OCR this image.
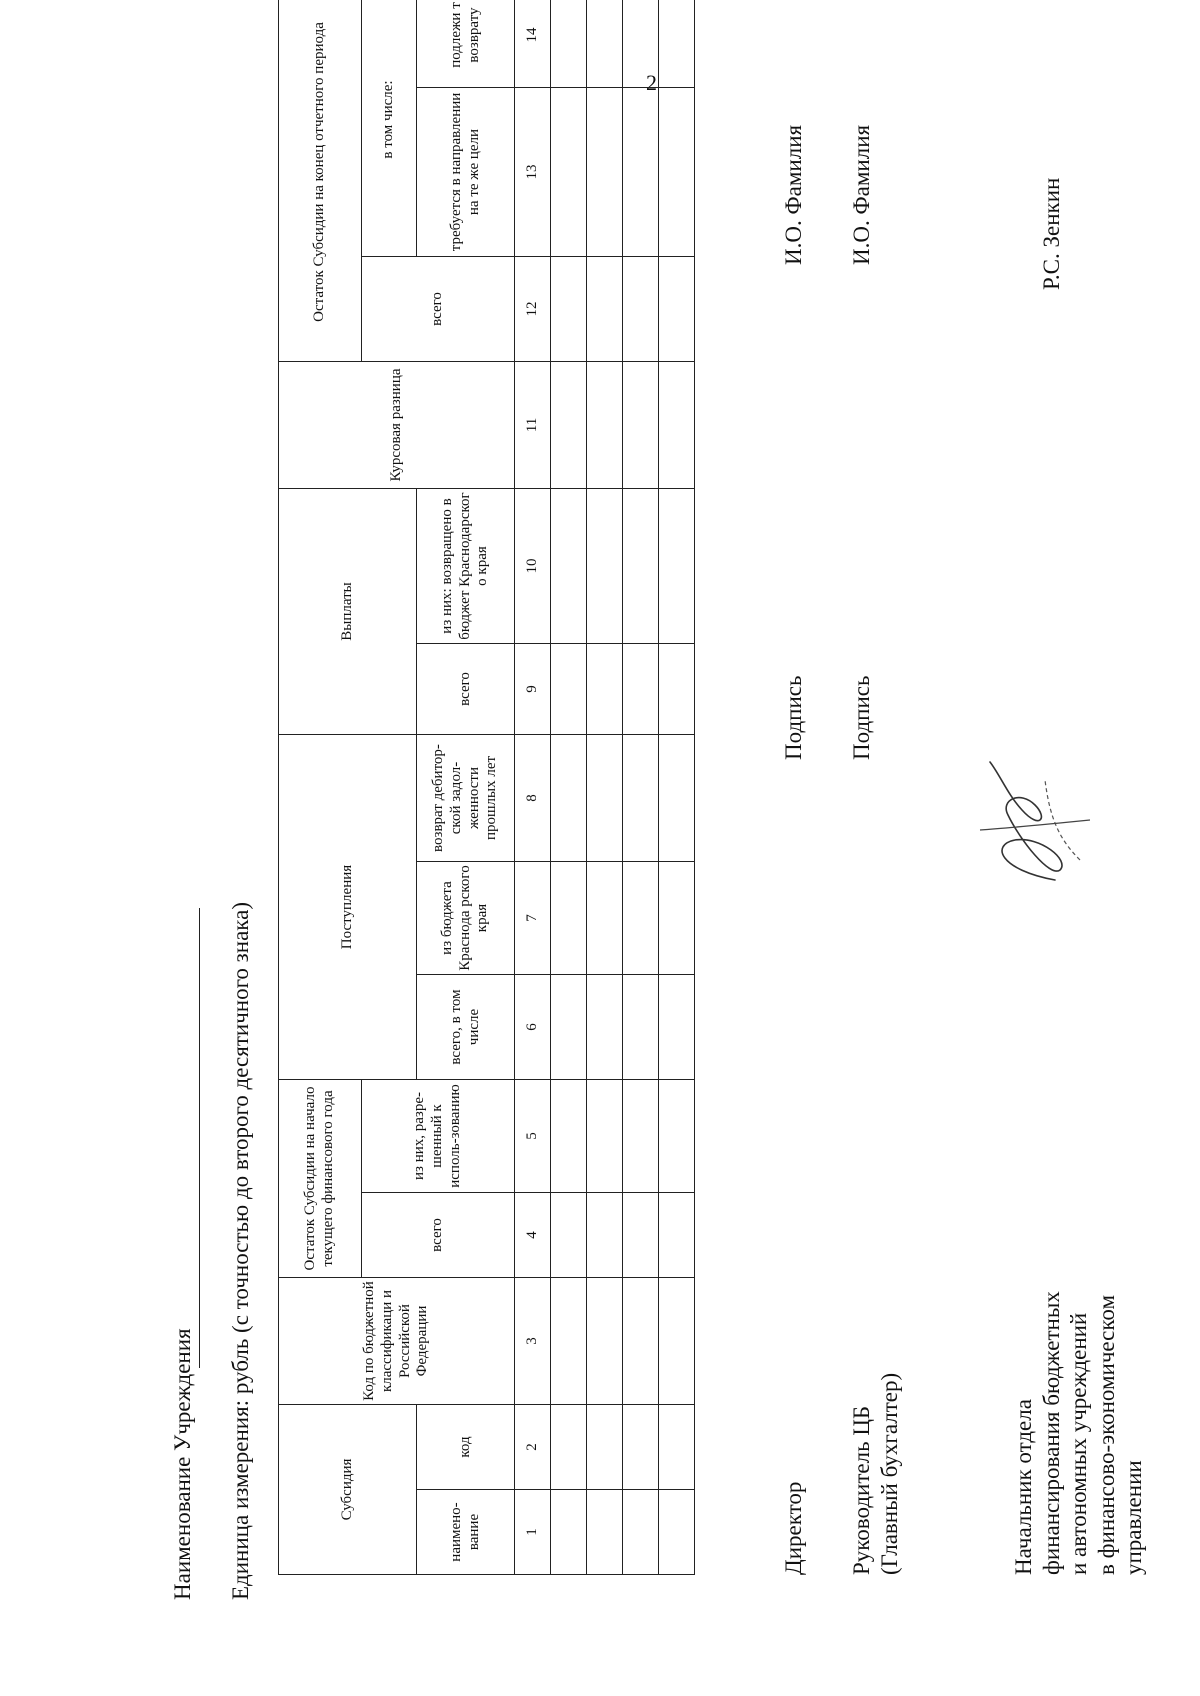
2
Наименование Учреждения Единица измерения: рубль (с точностью до второго десятичного знака)	Субсидия		Код по бюджетной классификаци и Российской Федерации	Остаток Субсидии на начало текущего финансового года		Поступления			Выплаты		Курсовая разница	Остаток Субсидии на конец отчетного периода		
			всего	из них, разре-шенный к исполь-зованию							всего	в том числе:	
наимено-вание	код				всего, в том числе	из бюджета Краснода рского края	возврат дебитор-ской задол-женности прошлых лет	всего	из них: возвращено в бюджет Краснодарског о края			требуется в направлении на те же цели	подлежи т возврату
1	2	3	4	5	6	7	8	9	10	11	12	13	14

Директор
Подпись
И.О. Фамилия
Руководитель ЦБ (Главный бухгалтер)
Подпись
И.О. Фамилия
Начальник отдела финансирования бюджетных и автономных учреждений в финансово-экономическом управлении
Р.С. Зенкин
